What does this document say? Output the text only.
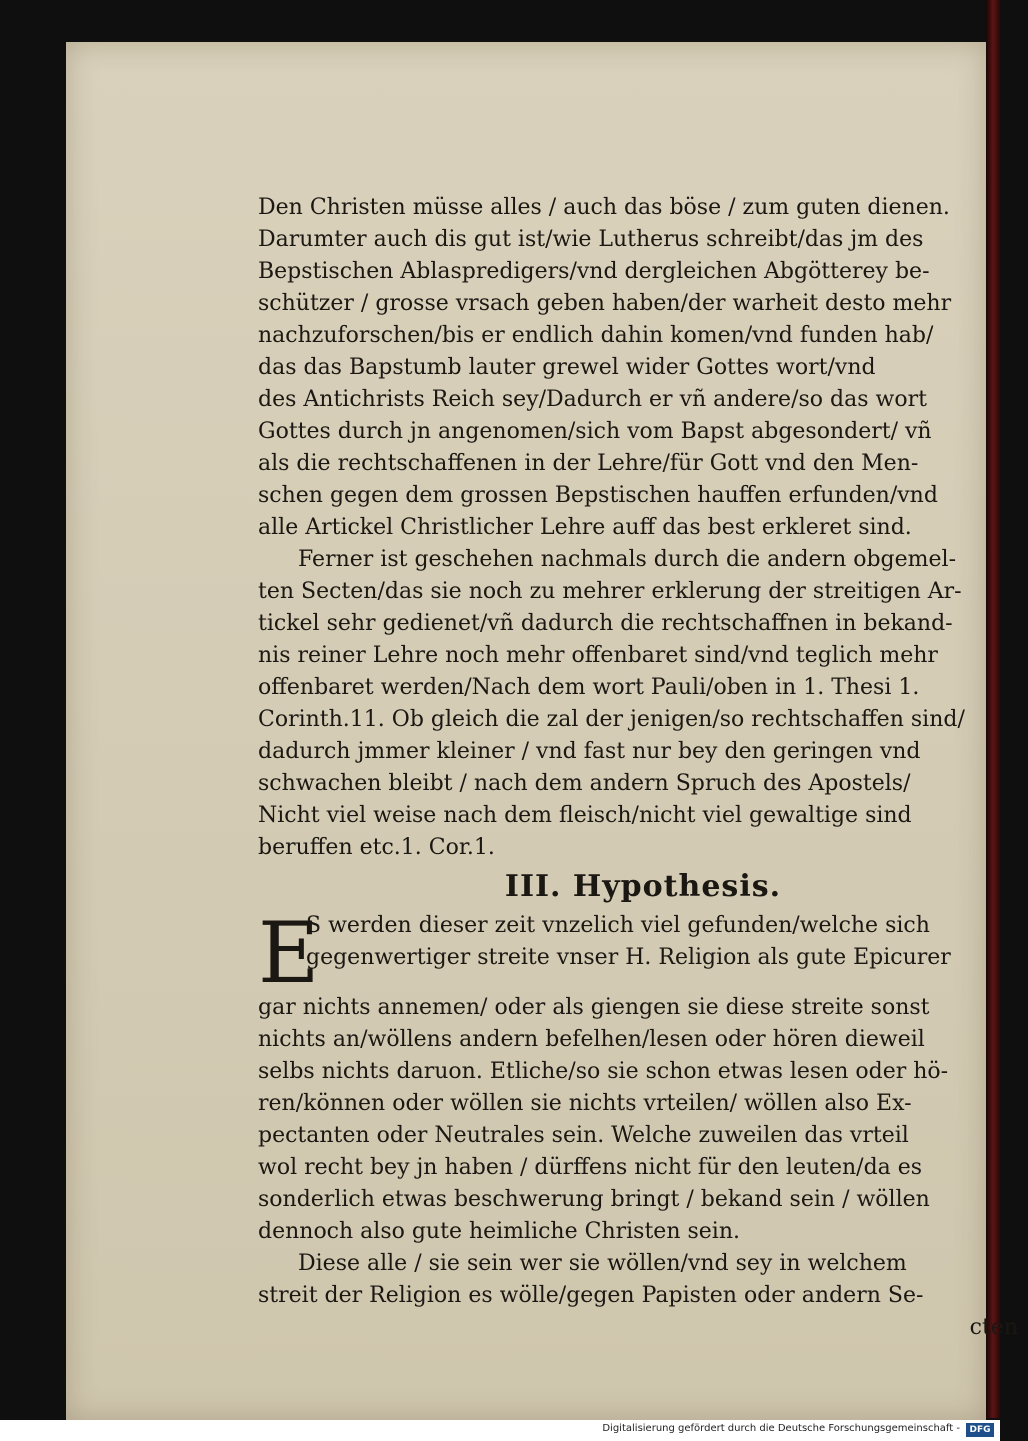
Den Christen müsse alles / auch das böse / zum guten dienen.
Darumter auch dis gut ist/wie Lutherus schreibt/das jm des
Bepstischen Ablaspredigers/vnd dergleichen Abgötterey be-
schützer / grosse vrsach geben haben/der warheit desto mehr
nachzuforschen/bis er endlich dahin komen/vnd funden hab/
das das Bapstumb lauter grewel wider Gottes wort/vnd
des Antichrists Reich sey/Dadurch er vñ andere/so das wort
Gottes durch jn angenomen/sich vom Bapst abgesondert/ vñ
als die rechtschaffenen in der Lehre/für Gott vnd den Men-
schen gegen dem grossen Bepstischen hauffen erfunden/vnd
alle Artickel Christlicher Lehre auff das best erkleret sind.
Ferner ist geschehen nachmals durch die andern obgemel-
ten Secten/das sie noch zu mehrer erklerung der streitigen Ar-
tickel sehr gedienet/vñ dadurch die rechtschaffnen in bekand-
nis reiner Lehre noch mehr offenbaret sind/vnd teglich mehr
offenbaret werden/Nach dem wort Pauli/oben in 1. Thesi 1.
Corinth.11. Ob gleich die zal der jenigen/so rechtschaffen sind/
dadurch jmmer kleiner / vnd fast nur bey den geringen vnd
schwachen bleibt / nach dem andern Spruch des Apostels/
Nicht viel weise nach dem fleisch/nicht viel gewaltige sind
beruffen etc.1. Cor.1.
III. Hypothesis.
E
S werden dieser zeit vnzelich viel gefunden/welche sich
gegenwertiger streite vnser H. Religion als gute Epicurer
gar nichts annemen/ oder als giengen sie diese streite sonst
nichts an/wöllens andern befelhen/lesen oder hören dieweil
selbs nichts daruon. Etliche/so sie schon etwas lesen oder hö-
ren/können oder wöllen sie nichts vrteilen/ wöllen also Ex-
pectanten oder Neutrales sein. Welche zuweilen das vrteil
wol recht bey jn haben / dürffens nicht für den leuten/da es
sonderlich etwas beschwerung bringt / bekand sein / wöllen
dennoch also gute heimliche Christen sein.
Diese alle / sie sein wer sie wöllen/vnd sey in welchem
streit der Religion es wölle/gegen Papisten oder andern Se-
cten
Digitalisierung gefördert durch die Deutsche Forschungsgemeinschaft -	DFG
